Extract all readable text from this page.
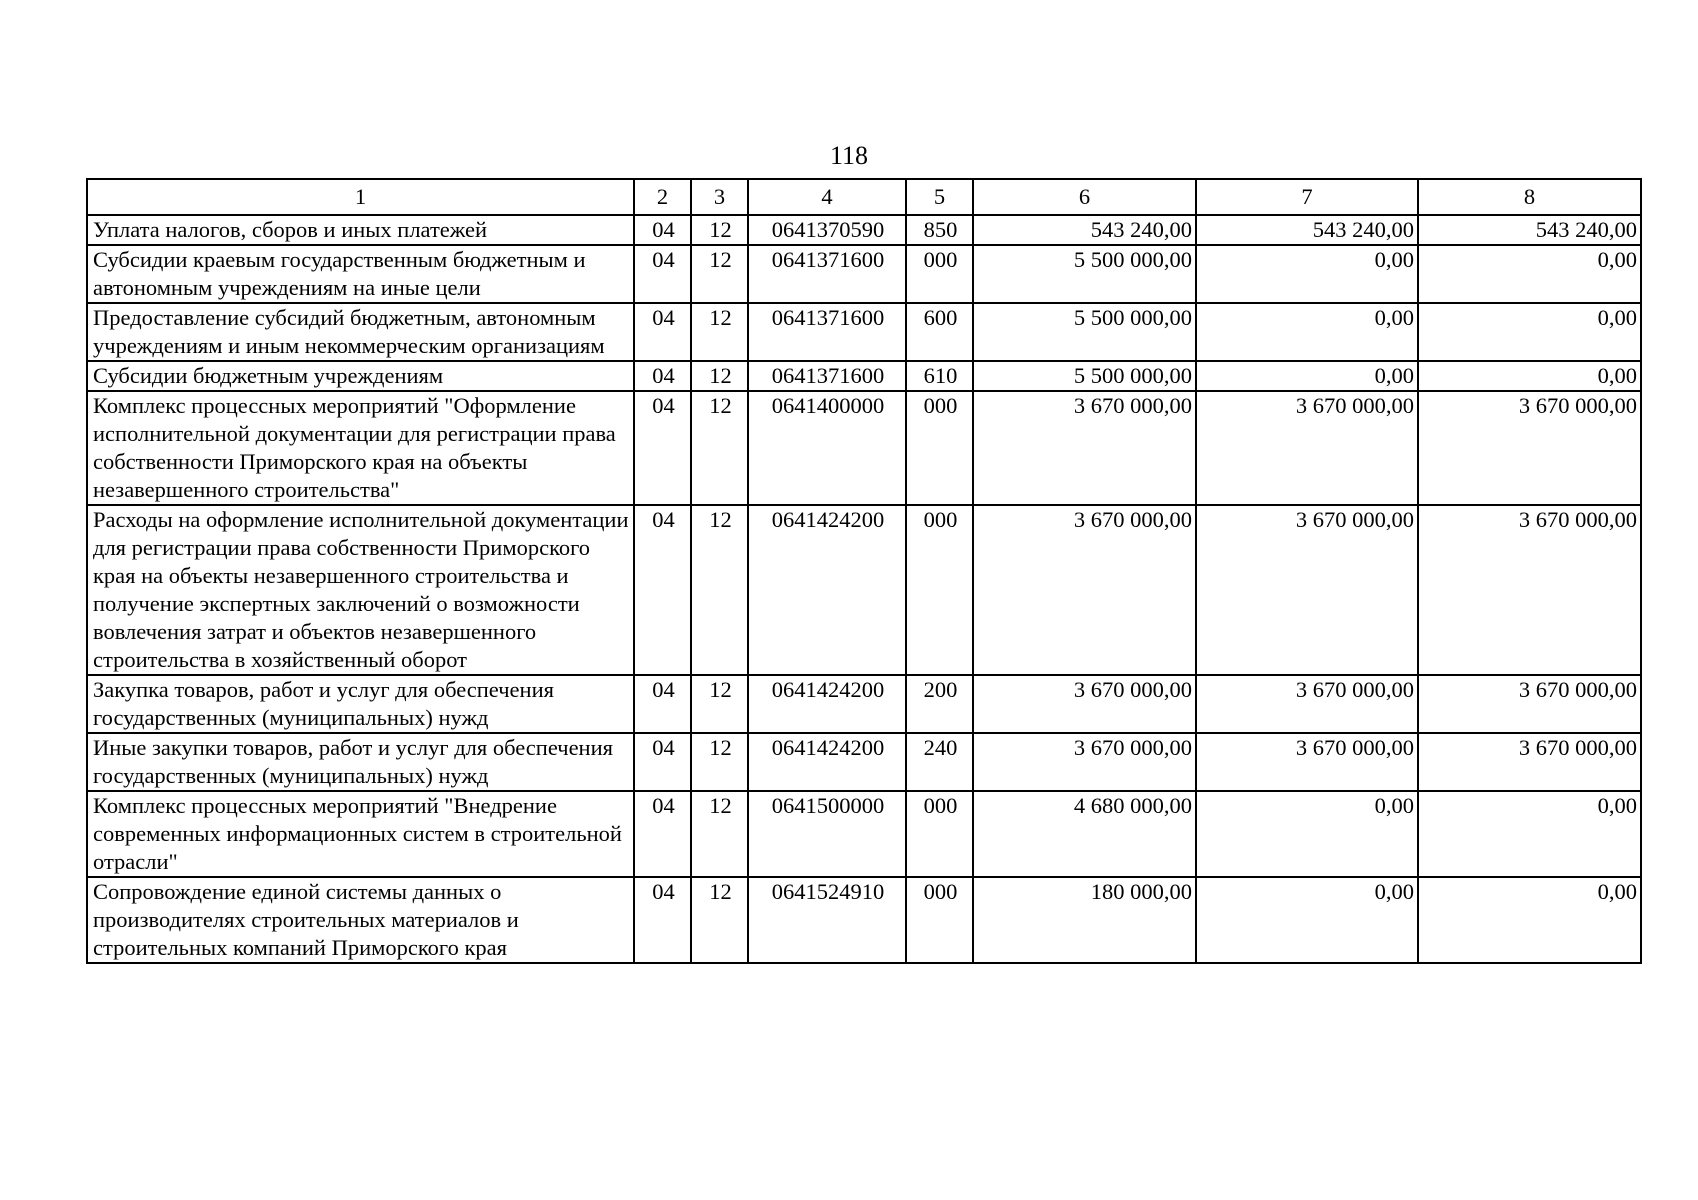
118
1	2	3	4	5	6	7	8
Уплата налогов, сборов и иных платежей	04	12	0641370590	850	543 240,00	543 240,00	543 240,00
Субсидии краевым государственным бюджетным и автономным учреждениям на иные цели	04	12	0641371600	000	5 500 000,00	0,00	0,00
Предоставление субсидий бюджетным, автономным учреждениям и иным некоммерческим организациям	04	12	0641371600	600	5 500 000,00	0,00	0,00
Субсидии бюджетным учреждениям	04	12	0641371600	610	5 500 000,00	0,00	0,00
Комплекс процессных мероприятий "Оформление исполнительной документации для регистрации права собственности Приморского края на объекты незавершенного строительства"	04	12	0641400000	000	3 670 000,00	3 670 000,00	3 670 000,00
Расходы на оформление исполнительной документации для регистрации права собственности Приморского края на объекты незавершенного строительства и получение экспертных заключений о возможности вовлечения затрат и объектов незавершенного строительства в хозяйственный оборот	04	12	0641424200	000	3 670 000,00	3 670 000,00	3 670 000,00
Закупка товаров, работ и услуг для обеспечения государственных (муниципальных) нужд	04	12	0641424200	200	3 670 000,00	3 670 000,00	3 670 000,00
Иные закупки товаров, работ и услуг для обеспечения государственных (муниципальных) нужд	04	12	0641424200	240	3 670 000,00	3 670 000,00	3 670 000,00
Комплекс процессных мероприятий "Внедрение современных информационных систем в строительной отрасли"	04	12	0641500000	000	4 680 000,00	0,00	0,00
Сопровождение единой системы данных о производителях строительных материалов и строительных компаний Приморского края	04	12	0641524910	000	180 000,00	0,00	0,00
